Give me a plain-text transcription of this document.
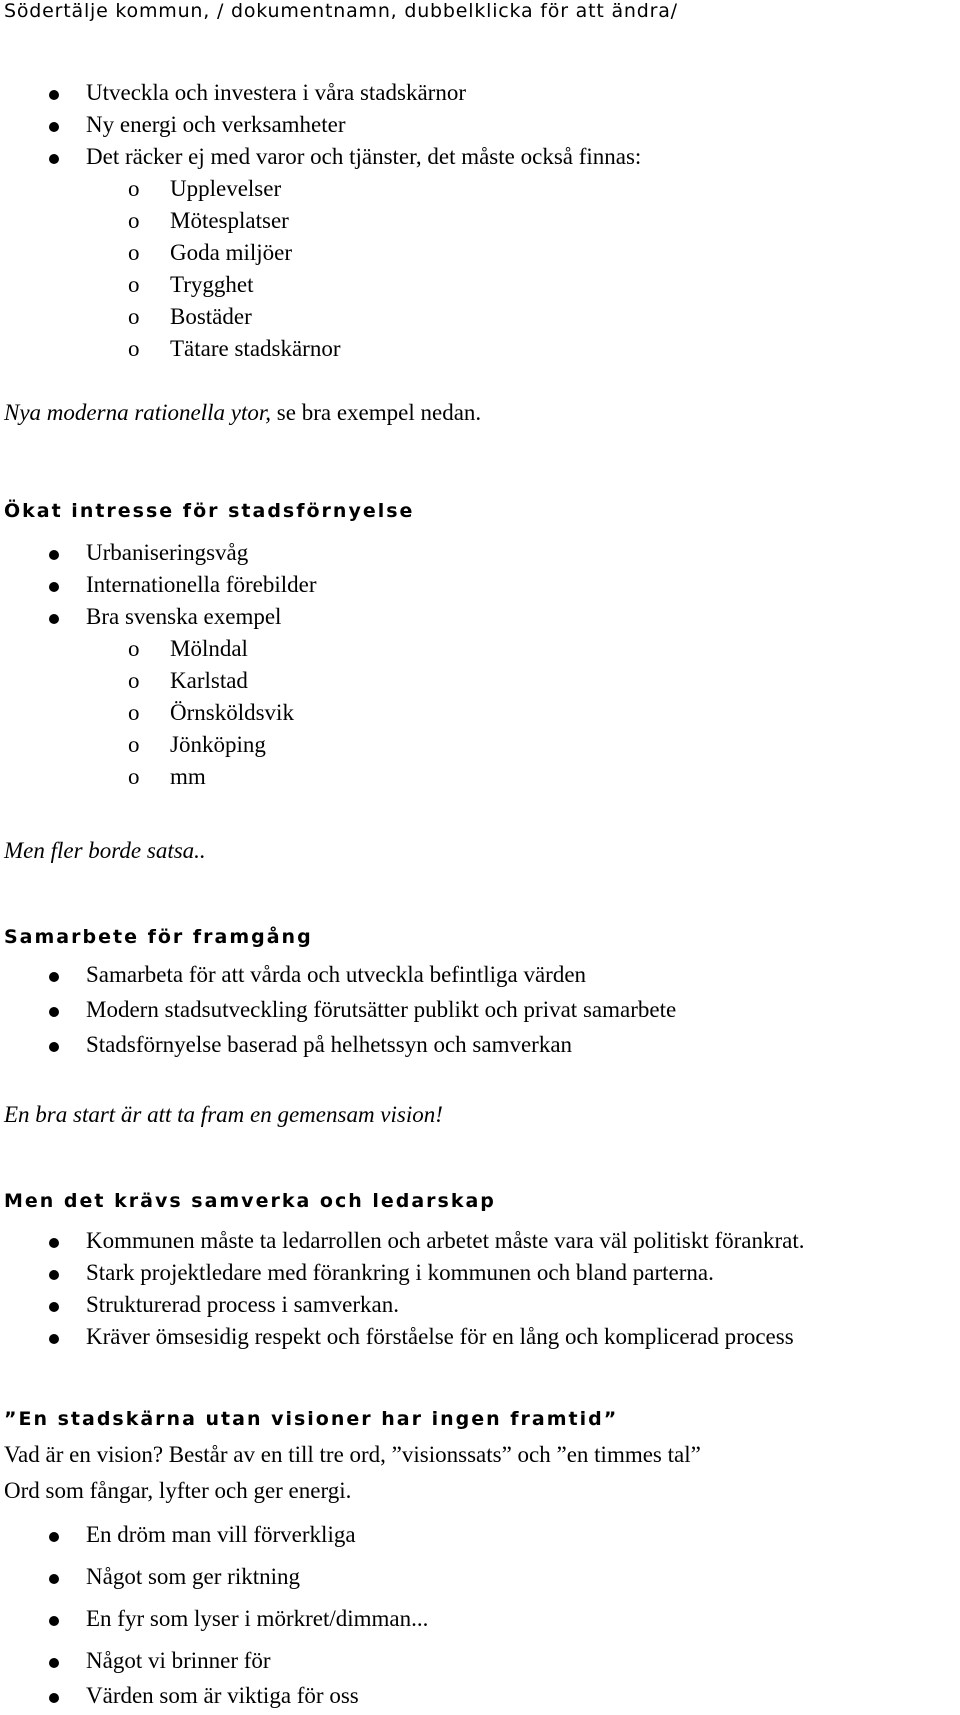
Södertälje kommun, / dokumentnamn, dubbelklicka för att ändra/
Utveckla och investera i våra stadskärnor
Ny energi och verksamheter
Det räcker ej med varor och tjänster, det måste också finnas:
o Upplevelser
o Mötesplatser
o Goda miljöer
o Trygghet
o Bostäder
o Tätare stadskärnor
Nya moderna rationella ytor, se bra exempel nedan.
Ökat intresse för stadsförnyelse
Urbaniseringsvåg
Internationella förebilder
Bra svenska exempel
o Mölndal
o Karlstad
o Örnsköldsvik
o Jönköping
o mm
Men fler borde satsa..
Samarbete för framgång
Samarbeta för att vårda och utveckla befintliga värden
Modern stadsutveckling förutsätter publikt och privat samarbete
Stadsförnyelse baserad på helhetssyn och samverkan
En bra start är att ta fram en gemensam vision!
Men det krävs samverka och ledarskap
Kommunen måste ta ledarrollen och arbetet måste vara väl politiskt förankrat.
Stark projektledare med förankring i kommunen och bland parterna.
Strukturerad process i samverkan.
Kräver ömsesidig respekt och förståelse för en lång och komplicerad process
”En stadskärna utan visioner har ingen framtid”
Vad är en vision? Består av en till tre ord, ”visionssats” och ”en timmes tal”
Ord som fångar, lyfter och ger energi.
En dröm man vill förverkliga
Något som ger riktning
En fyr som lyser i mörkret/dimman...
Något vi brinner för
Värden som är viktiga för oss
